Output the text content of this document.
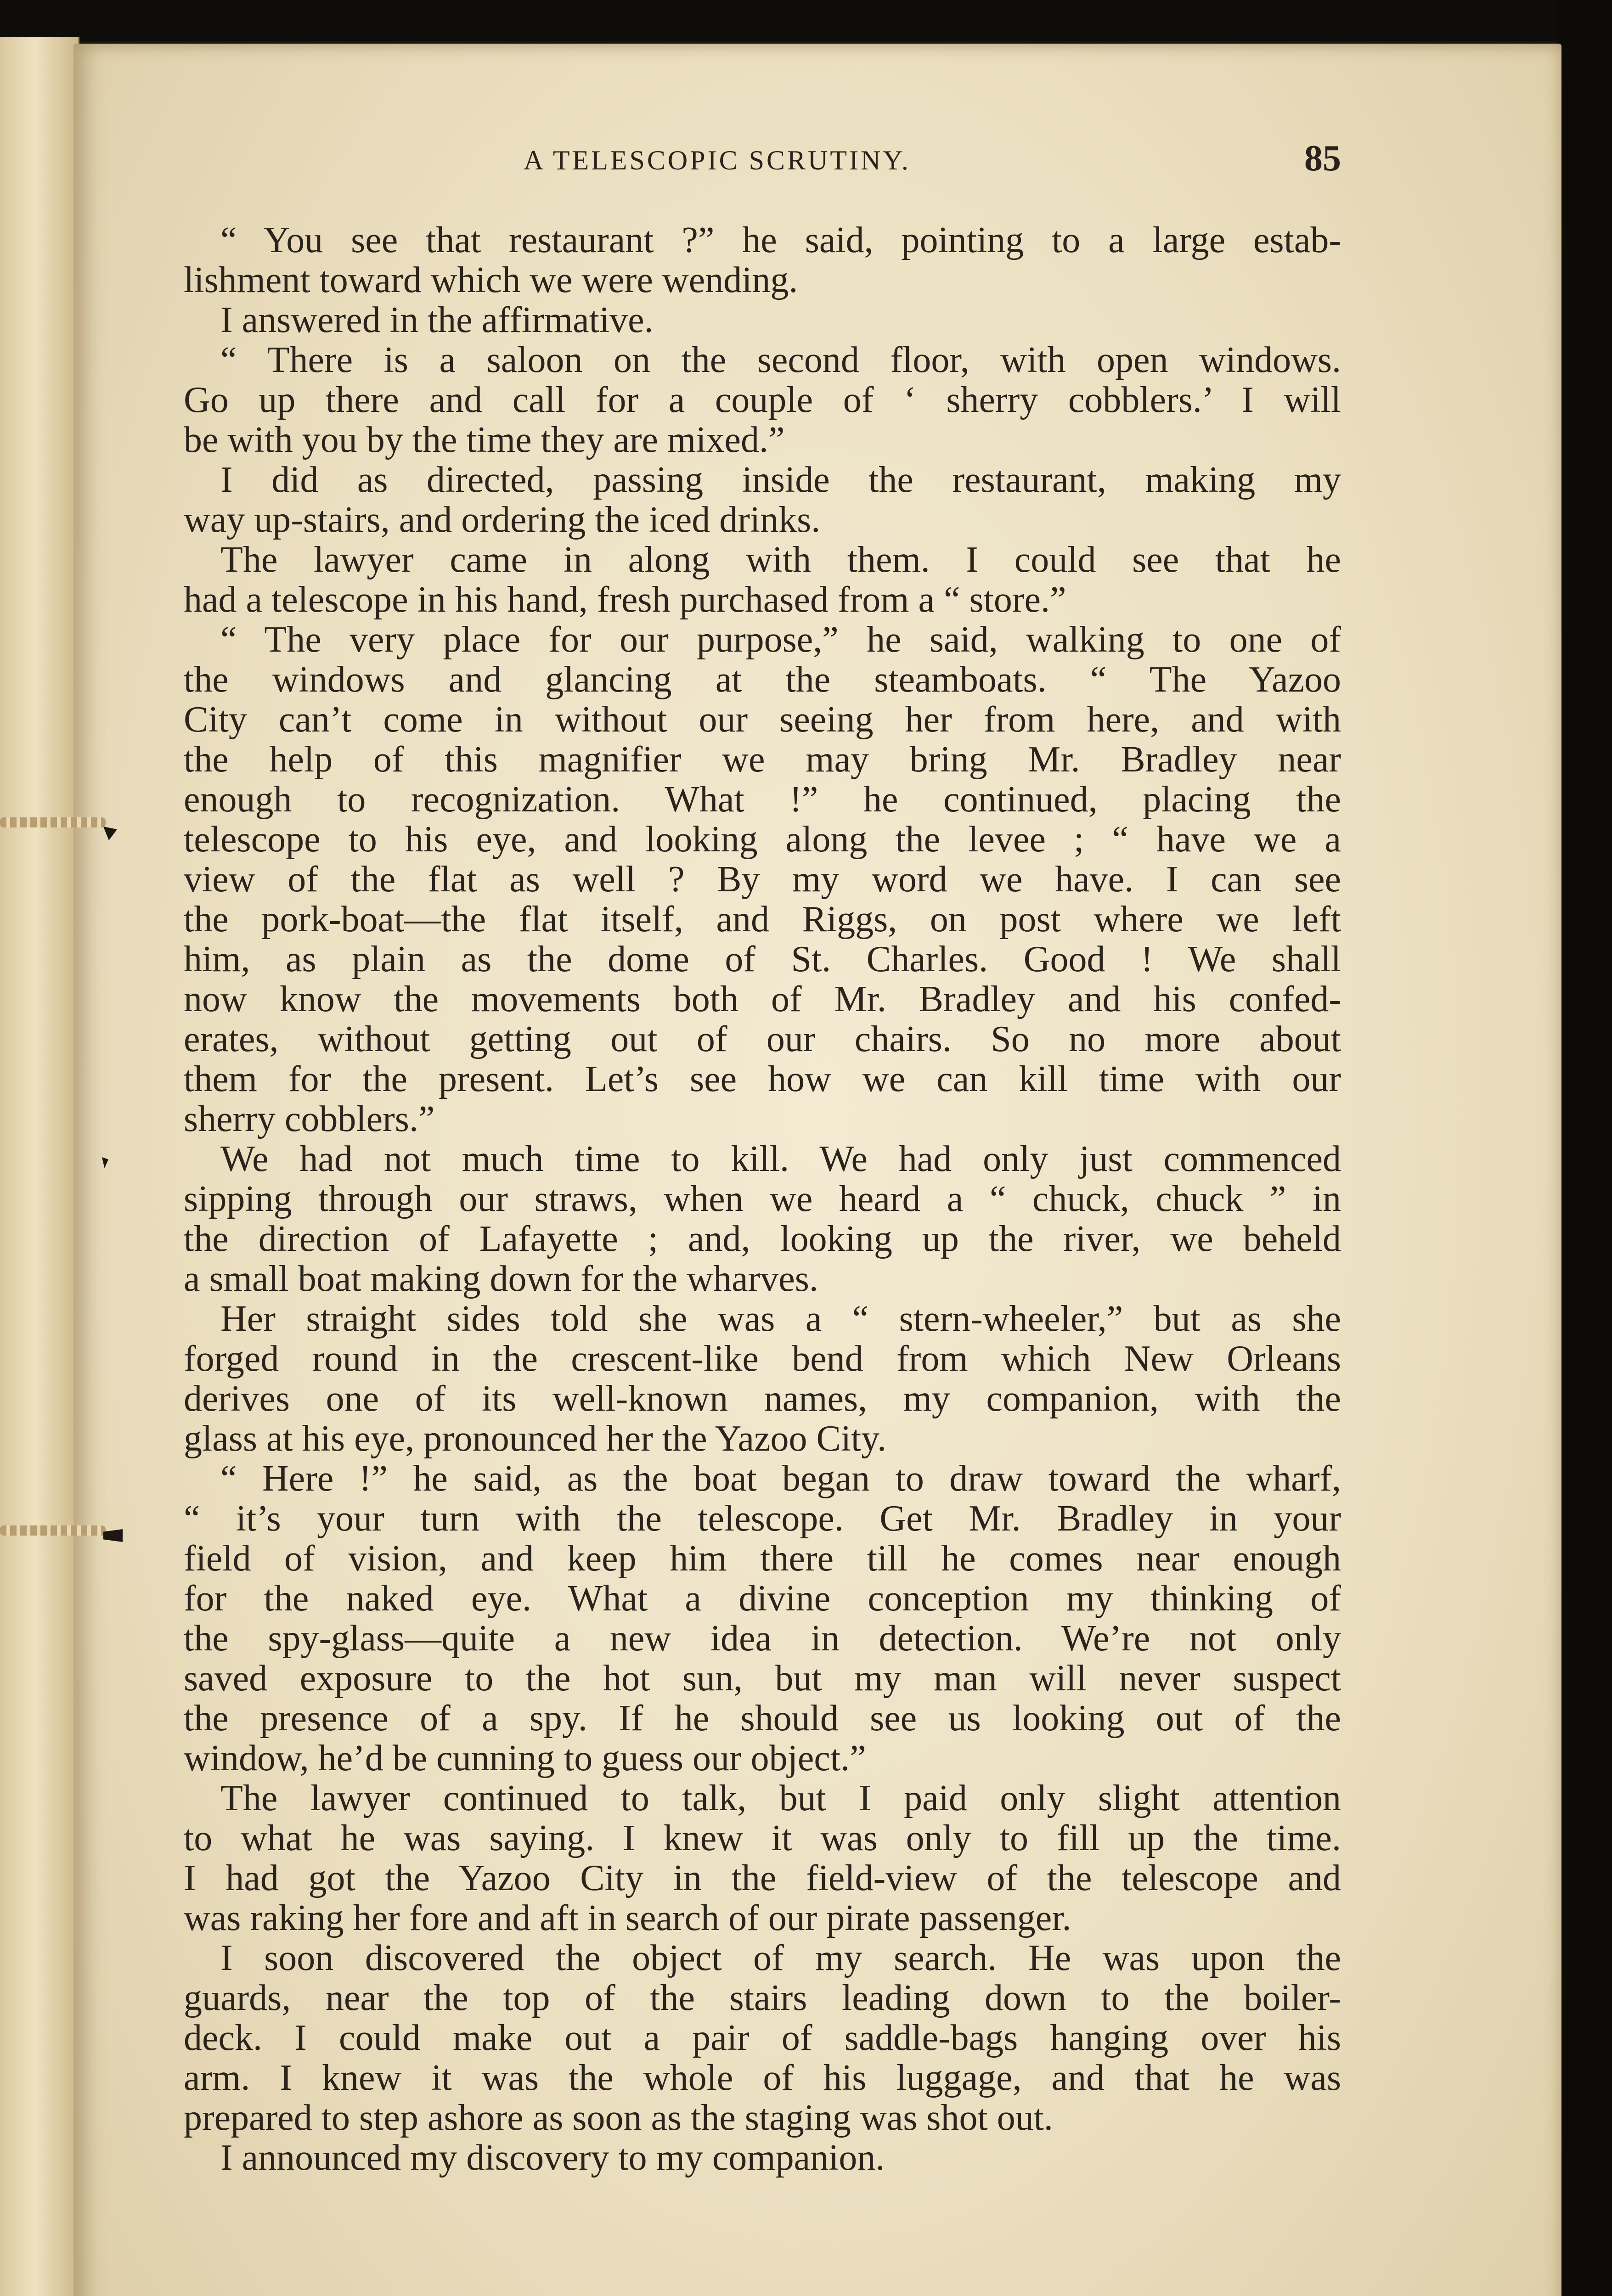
A TELESCOPIC SCRUTINY.	85
“ You see that restaurant ?” he said, pointing to a large estab-
lishment toward which we were wending.
I answered in the affirmative.
“ There is a saloon on the second floor, with open windows.
Go up there and call for a couple of ‘ sherry cobblers.’ I will
be with you by the time they are mixed.”
I did as directed, passing inside the restaurant, making my
way up-stairs, and ordering the iced drinks.
The lawyer came in along with them. I could see that he
had a telescope in his hand, fresh purchased from a “ store.”
“ The very place for our purpose,” he said, walking to one of
the windows and glancing at the steamboats. “ The Yazoo
City can’t come in without our seeing her from here, and with
the help of this magnifier we may bring Mr. Bradley near
enough to recognization. What !” he continued, placing the
telescope to his eye, and looking along the levee ; “ have we a
view of the flat as well ? By my word we have. I can see
the pork-boat—the flat itself, and Riggs, on post where we left
him, as plain as the dome of St. Charles. Good ! We shall
now know the movements both of Mr. Bradley and his confed-
erates, without getting out of our chairs. So no more about
them for the present. Let’s see how we can kill time with our
sherry cobblers.”
We had not much time to kill. We had only just commenced
sipping through our straws, when we heard a “ chuck, chuck ” in
the direction of Lafayette ; and, looking up the river, we beheld
a small boat making down for the wharves.
Her straight sides told she was a “ stern-wheeler,” but as she
forged round in the crescent-like bend from which New Orleans
derives one of its well-known names, my companion, with the
glass at his eye, pronounced her the Yazoo City.
“ Here !” he said, as the boat began to draw toward the wharf,
“ it’s your turn with the telescope. Get Mr. Bradley in your
field of vision, and keep him there till he comes near enough
for the naked eye. What a divine conception my thinking of
the spy-glass—quite a new idea in detection. We’re not only
saved exposure to the hot sun, but my man will never suspect
the presence of a spy. If he should see us looking out of the
window, he’d be cunning to guess our object.”
The lawyer continued to talk, but I paid only slight attention
to what he was saying. I knew it was only to fill up the time.
I had got the Yazoo City in the field-view of the telescope and
was raking her fore and aft in search of our pirate passenger.
I soon discovered the object of my search. He was upon the
guards, near the top of the stairs leading down to the boiler-
deck. I could make out a pair of saddle-bags hanging over his
arm. I knew it was the whole of his luggage, and that he was
prepared to step ashore as soon as the staging was shot out.
I announced my discovery to my companion.
